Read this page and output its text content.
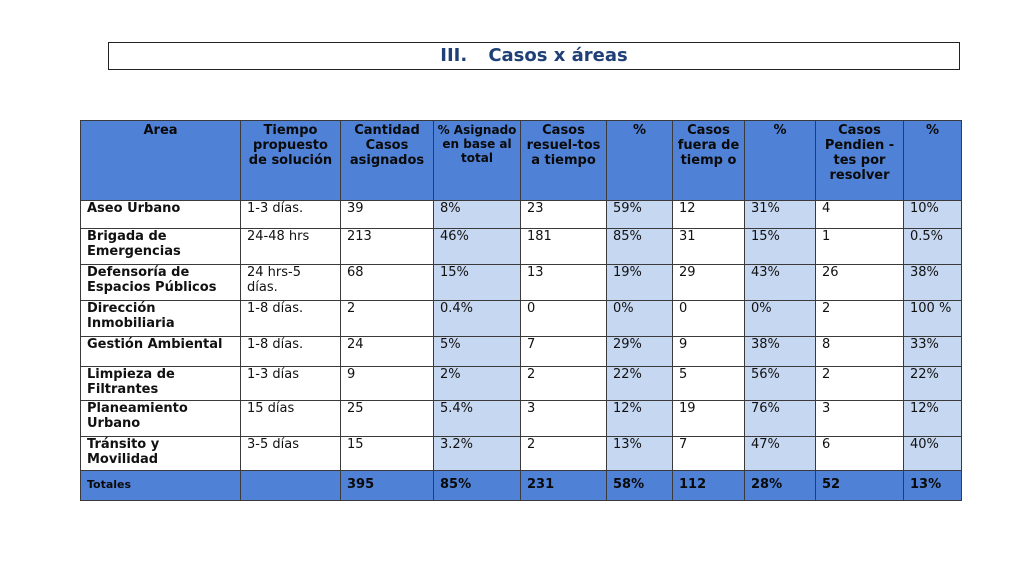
III. Casos x áreas
Area	Tiempo propuesto de solución	Cantidad Casos asignados	% Asignado en base al total	Casos resuel-tos a tiempo	%	Casos fuera de tiemp o	%	Casos Pendien -tes por resolver	%
Aseo Urbano	1-3 días.	39	8%	23	59%	12	31%	4	10%
Brigada de Emergencias	24-48 hrs	213	46%	181	85%	31	15%	1	0.5%
Defensoría de Espacios Públicos	24 hrs-5 días.	68	15%	13	19%	29	43%	26	38%
Dirección Inmobiliaria	1-8 días.	2	0.4%	0	0%	0	0%	2	100 %
Gestión Ambiental	1-8 días.	24	5%	7	29%	9	38%	8	33%
Limpieza de Filtrantes	1-3 días	9	2%	2	22%	5	56%	2	22%
Planeamiento Urbano	15 días	25	5.4%	3	12%	19	76%	3	12%
Tránsito y Movilidad	3-5 días	15	3.2%	2	13%	7	47%	6	40%
Totales		395	85%	231	58%	112	28%	52	13%
